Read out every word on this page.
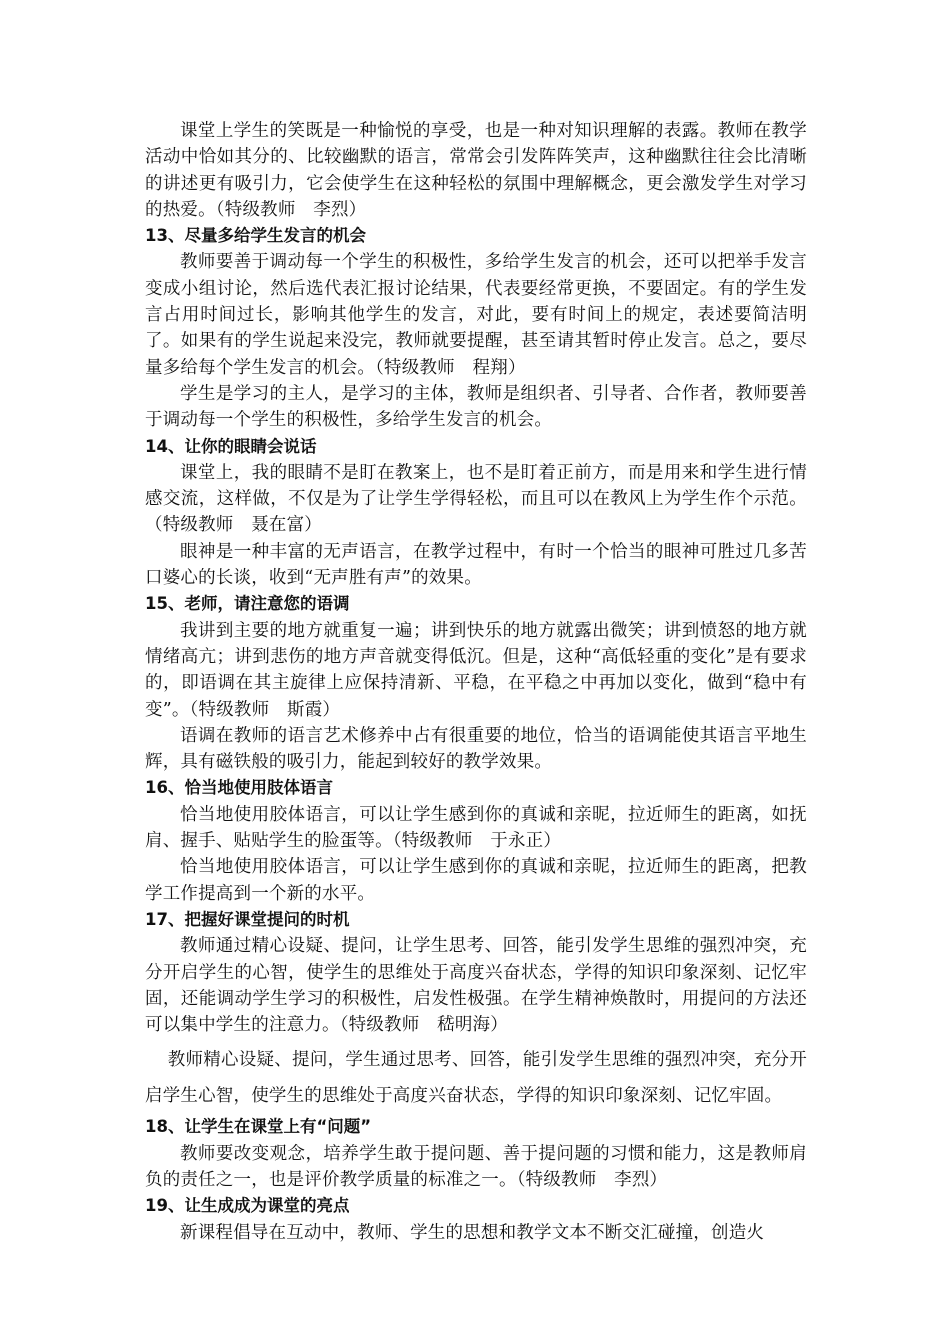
课堂上学生的笑既是一种愉悦的享受，也是一种对知识理解的表露。教师在教学活动中恰如其分的、比较幽默的语言，常常会引发阵阵笑声，这种幽默往往会比清晰的讲述更有吸引力，它会使学生在这种轻松的氛围中理解概念，更会激发学生对学习的热爱。（特级教师　李烈）

13、尽量多给学生发言的机会

教师要善于调动每一个学生的积极性，多给学生发言的机会，还可以把举手发言变成小组讨论，然后选代表汇报讨论结果，代表要经常更换，不要固定。有的学生发言占用时间过长，影响其他学生的发言，对此，要有时间上的规定，表述要简洁明了。如果有的学生说起来没完，教师就要提醒，甚至请其暂时停止发言。总之，要尽量多给每个学生发言的机会。（特级教师　程翔）

学生是学习的主人，是学习的主体，教师是组织者、引导者、合作者，教师要善于调动每一个学生的积极性，多给学生发言的机会。

14、让你的眼睛会说话

课堂上，我的眼睛不是盯在教案上，也不是盯着正前方，而是用来和学生进行情感交流，这样做，不仅是为了让学生学得轻松，而且可以在教风上为学生作个示范。（特级教师　聂在富）

眼神是一种丰富的无声语言，在教学过程中，有时一个恰当的眼神可胜过几多苦口婆心的长谈，收到“无声胜有声”的效果。

15、老师，请注意您的语调

我讲到主要的地方就重复一遍；讲到快乐的地方就露出微笑；讲到愤怒的地方就情绪高亢；讲到悲伤的地方声音就变得低沉。但是，这种“高低轻重的变化”是有要求的，即语调在其主旋律上应保持清新、平稳，在平稳之中再加以变化，做到“稳中有变”。（特级教师　斯霞）

语调在教师的语言艺术修养中占有很重要的地位，恰当的语调能使其语言平地生辉，具有磁铁般的吸引力，能起到较好的教学效果。

16、恰当地使用肢体语言

恰当地使用胶体语言，可以让学生感到你的真诚和亲昵，拉近师生的距离，如抚肩、握手、贴贴学生的脸蛋等。（特级教师　于永正）

恰当地使用胶体语言，可以让学生感到你的真诚和亲昵，拉近师生的距离，把教学工作提高到一个新的水平。

17、把握好课堂提问的时机

教师通过精心设疑、提问，让学生思考、回答，能引发学生思维的强烈冲突，充分开启学生的心智，使学生的思维处于高度兴奋状态，学得的知识印象深刻、记忆牢固，还能调动学生学习的积极性，启发性极强。在学生精神焕散时，用提问的方法还可以集中学生的注意力。（特级教师　嵇明海）

教师精心设疑、提问，学生通过思考、回答，能引发学生思维的强烈冲突，充分开启学生心智，使学生的思维处于高度兴奋状态，学得的知识印象深刻、记忆牢固。

18、让学生在课堂上有“问题”

教师要改变观念，培养学生敢于提问题、善于提问题的习惯和能力，这是教师肩负的责任之一，也是评价教学质量的标准之一。（特级教师　李烈）

19、让生成成为课堂的亮点

新课程倡导在互动中，教师、学生的思想和教学文本不断交汇碰撞，创造火
